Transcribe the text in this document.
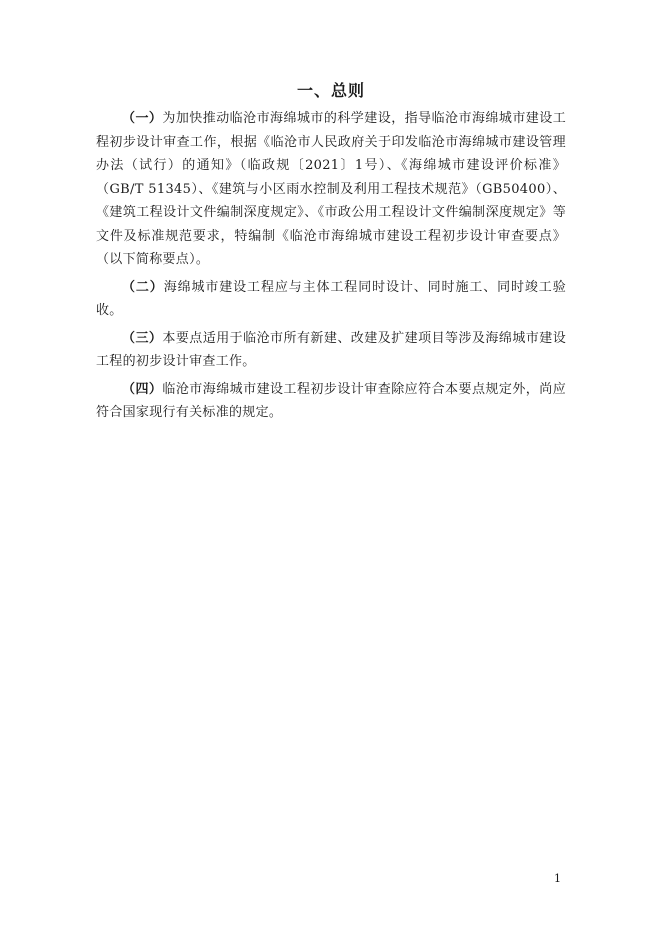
一、总则

（一）为加快推动临沧市海绵城市的科学建设，指导临沧市海绵城市建设工程初步设计审查工作，根据《临沧市人民政府关于印发临沧市海绵城市建设管理办法（试行）的通知》（临政规〔2021〕1号）、《海绵城市建设评价标准》（GB/T 51345）、《建筑与小区雨水控制及利用工程技术规范》（GB50400）、《建筑工程设计文件编制深度规定》、《市政公用工程设计文件编制深度规定》等文件及标准规范要求，特编制《临沧市海绵城市建设工程初步设计审查要点》（以下简称要点）。

（二）海绵城市建设工程应与主体工程同时设计、同时施工、同时竣工验收。

（三）本要点适用于临沧市所有新建、改建及扩建项目等涉及海绵城市建设工程的初步设计审查工作。

（四）临沧市海绵城市建设工程初步设计审查除应符合本要点规定外，尚应符合国家现行有关标准的规定。

1
